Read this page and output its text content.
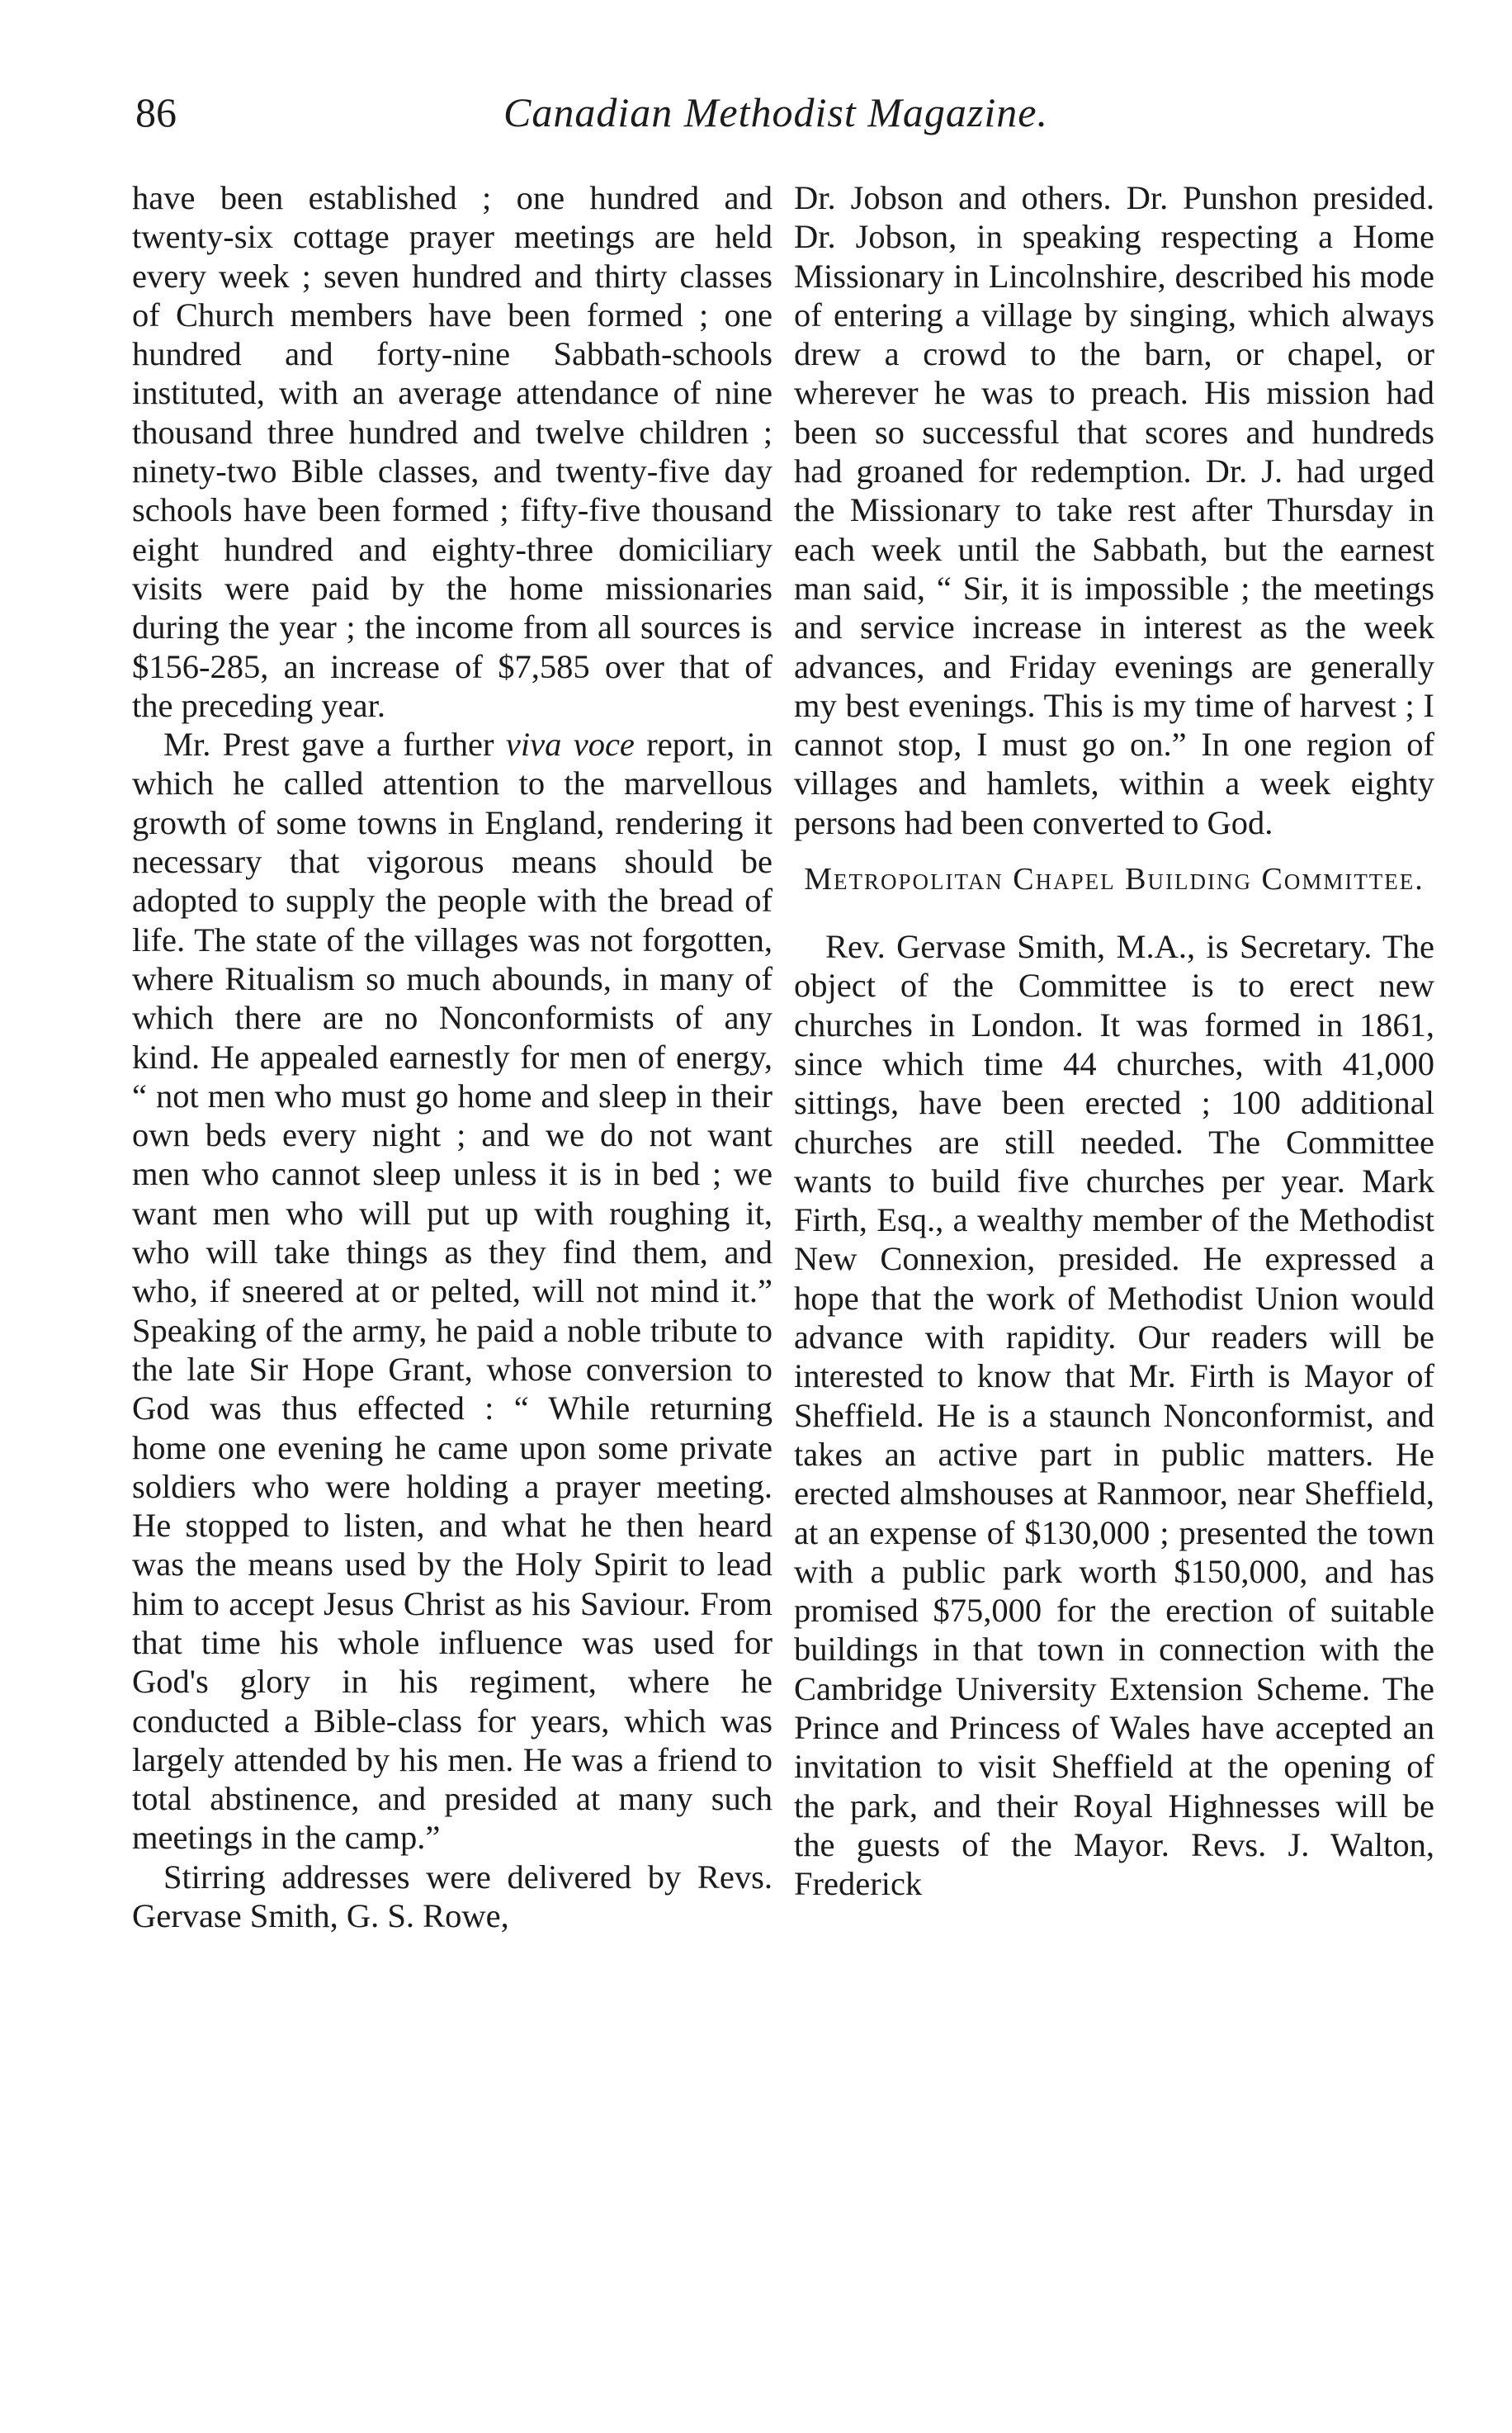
86	Canadian Methodist Magazine.

have been established ; one hundred and twenty-six cottage prayer meetings are held every week ; seven hundred and thirty classes of Church members have been formed ; one hundred and forty-nine Sabbath-schools instituted, with an average attendance of nine thousand three hundred and twelve children ; ninety-two Bible classes, and twenty-five day schools have been formed ; fifty-five thousand eight hundred and eighty-three domiciliary visits were paid by the home missionaries during the year ; the income from all sources is $156-285, an increase of $7,585 over that of the preceding year.

Mr. Prest gave a further viva voce report, in which he called attention to the marvellous growth of some towns in England, rendering it necessary that vigorous means should be adopted to supply the people with the bread of life. The state of the villages was not forgotten, where Ritualism so much abounds, in many of which there are no Nonconformists of any kind. He appealed earnestly for men of energy, “ not men who must go home and sleep in their own beds every night ; and we do not want men who cannot sleep unless it is in bed ; we want men who will put up with roughing it, who will take things as they find them, and who, if sneered at or pelted, will not mind it.” Speaking of the army, he paid a noble tribute to the late Sir Hope Grant, whose conversion to God was thus effected : “ While returning home one evening he came upon some private soldiers who were holding a prayer meeting. He stopped to listen, and what he then heard was the means used by the Holy Spirit to lead him to accept Jesus Christ as his Saviour. From that time his whole influence was used for God's glory in his regiment, where he conducted a Bible-class for years, which was largely attended by his men. He was a friend to total abstinence, and presided at many such meetings in the camp.”

Stirring addresses were delivered by Revs. Gervase Smith, G. S. Rowe,

Dr. Jobson and others. Dr. Punshon presided. Dr. Jobson, in speaking respecting a Home Missionary in Lincolnshire, described his mode of entering a village by singing, which always drew a crowd to the barn, or chapel, or wherever he was to preach. His mission had been so successful that scores and hundreds had groaned for redemption. Dr. J. had urged the Missionary to take rest after Thursday in each week until the Sabbath, but the earnest man said, “ Sir, it is impossible ; the meetings and service increase in interest as the week advances, and Friday evenings are generally my best evenings. This is my time of harvest ; I cannot stop, I must go on.” In one region of villages and hamlets, within a week eighty persons had been converted to God.

Metropolitan Chapel Building Committee.

Rev. Gervase Smith, M.A., is Secretary. The object of the Committee is to erect new churches in London. It was formed in 1861, since which time 44 churches, with 41,000 sittings, have been erected ; 100 additional churches are still needed. The Committee wants to build five churches per year. Mark Firth, Esq., a wealthy member of the Methodist New Connexion, presided. He expressed a hope that the work of Methodist Union would advance with rapidity. Our readers will be interested to know that Mr. Firth is Mayor of Sheffield. He is a staunch Nonconformist, and takes an active part in public matters. He erected almshouses at Ranmoor, near Sheffield, at an expense of $130,000 ; presented the town with a public park worth $150,000, and has promised $75,000 for the erection of suitable buildings in that town in connection with the Cambridge University Extension Scheme. The Prince and Princess of Wales have accepted an invitation to visit Sheffield at the opening of the park, and their Royal Highnesses will be the guests of the Mayor. Revs. J. Walton, Frederick
